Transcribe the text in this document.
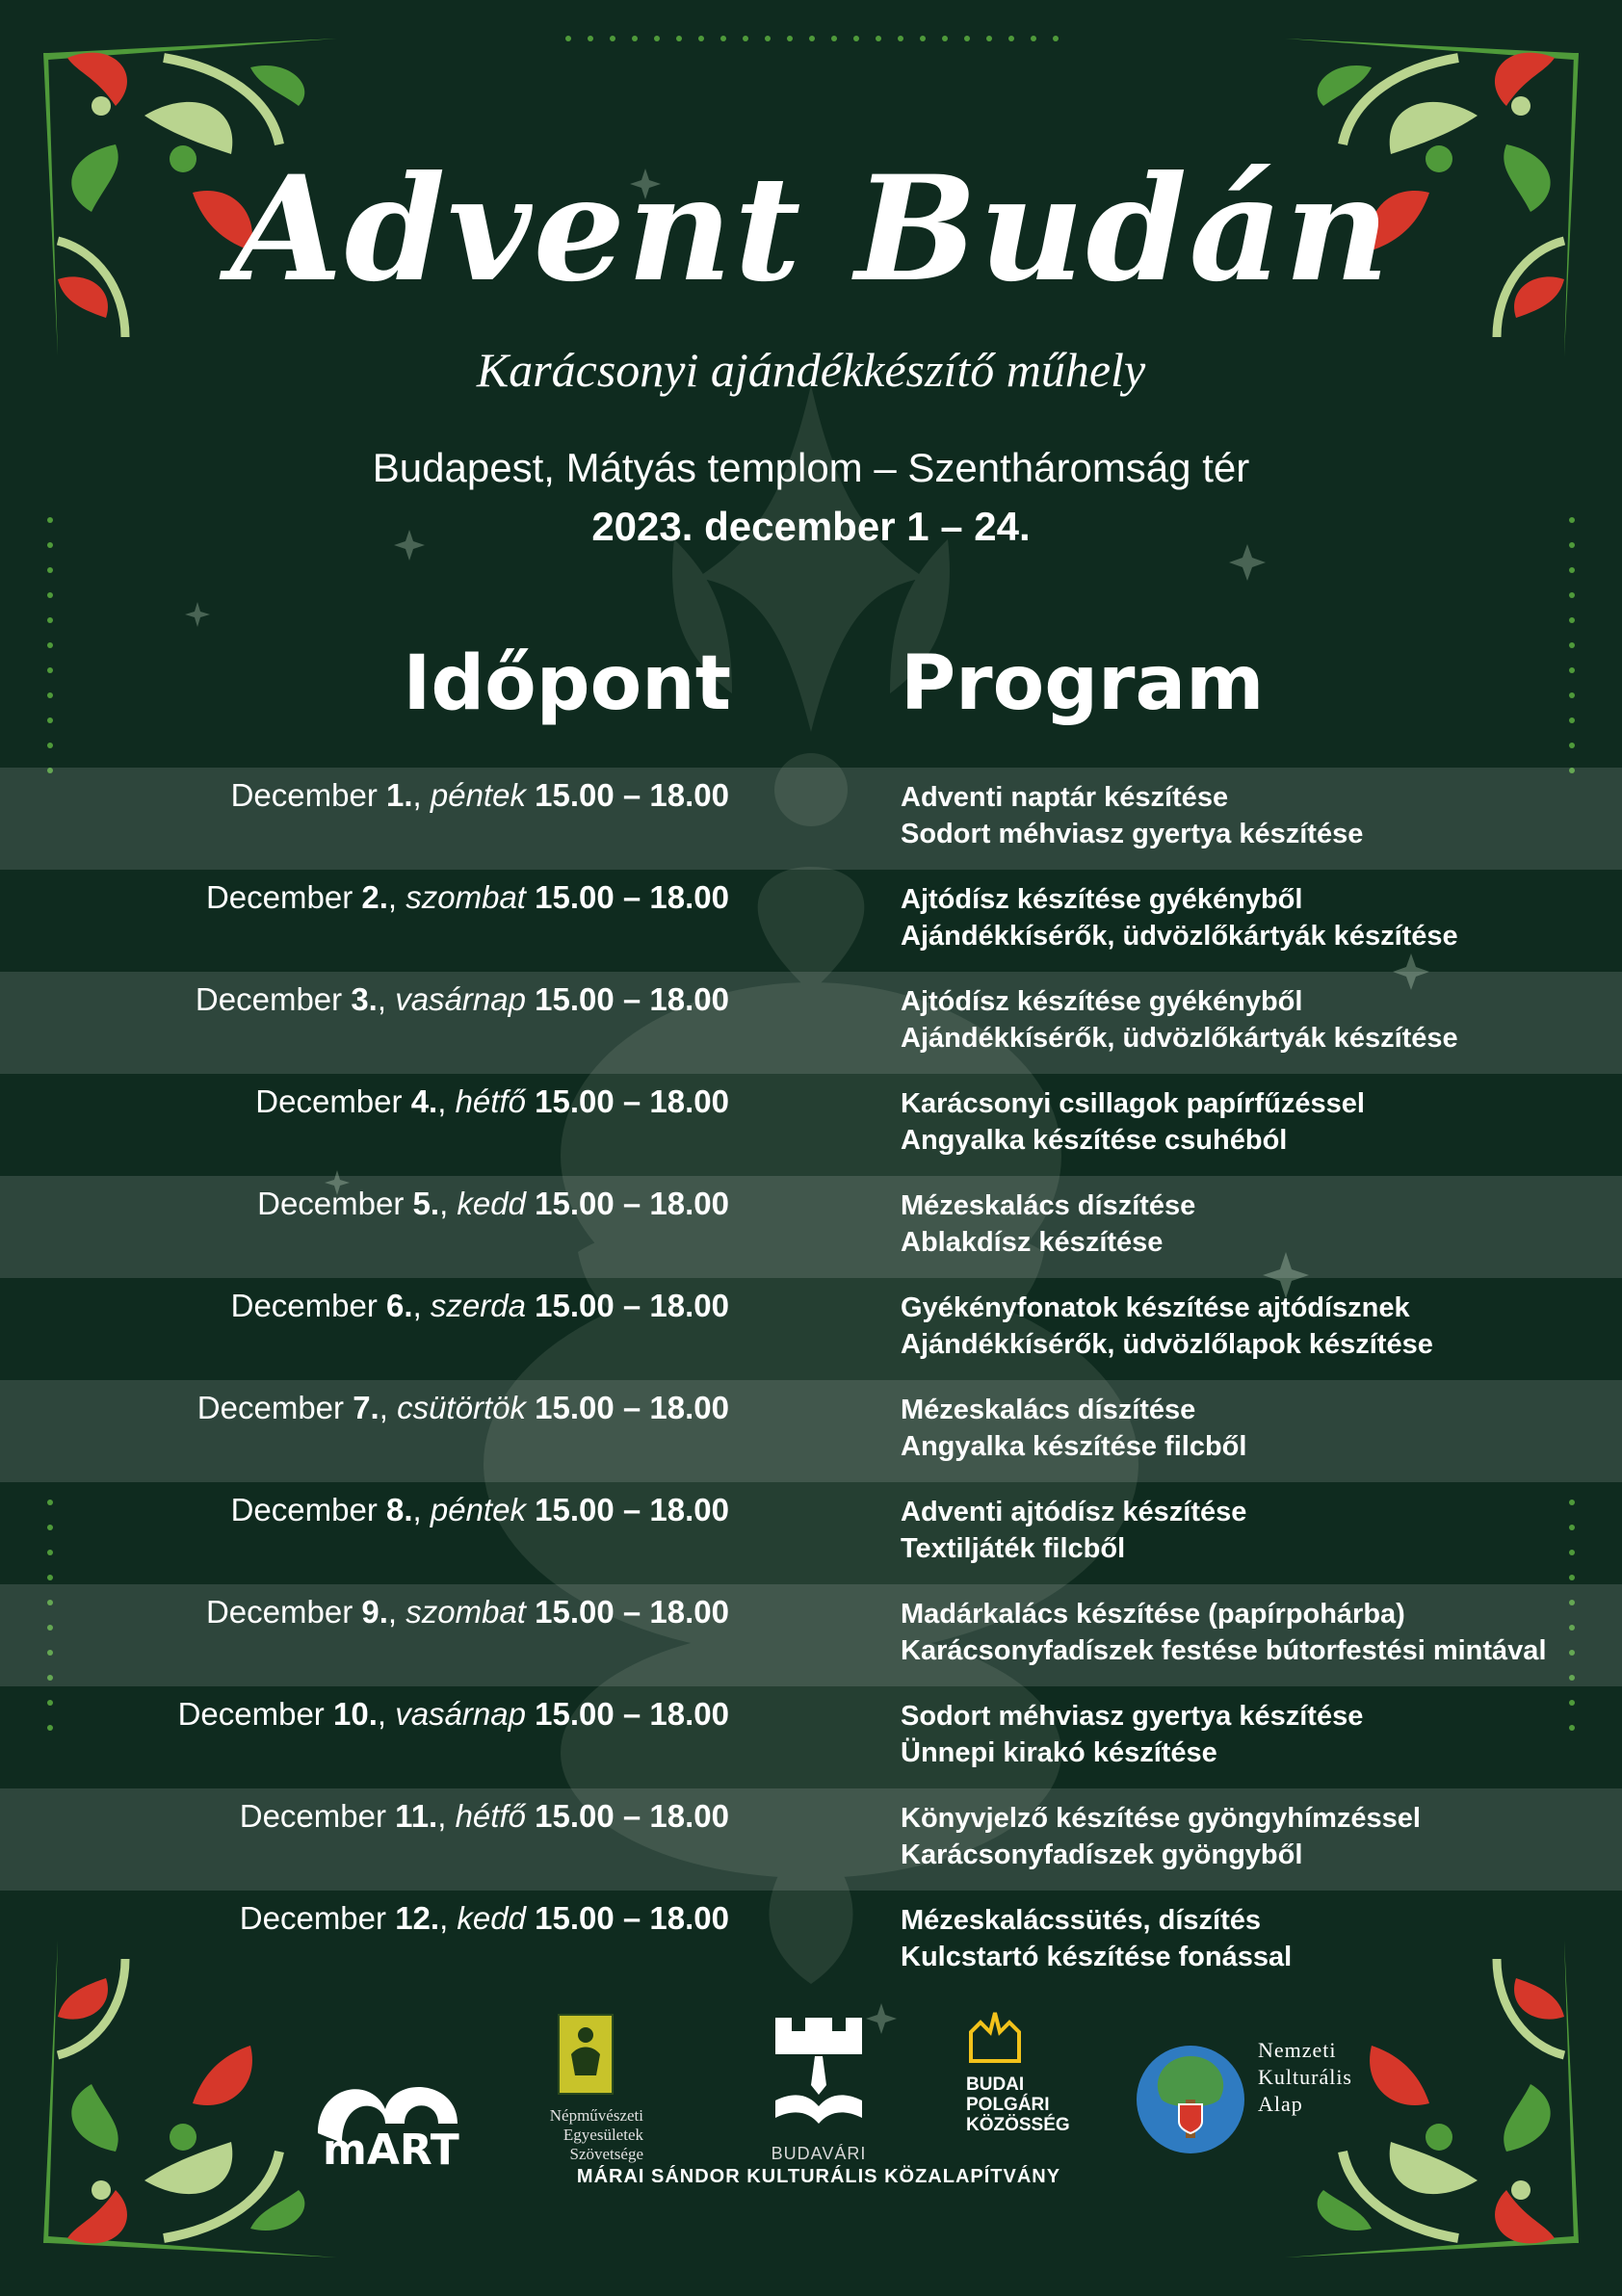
Advent Budán
Karácsonyi ajándékkészítő műhely
Budapest, Mátyás templom – Szentháromság tér
2023. december 1 – 24.
Időpont Program
December 1., péntek 15.00 – 18.00	Adventi naptár készítése
Sodort méhviasz gyertya készítése
December 2., szombat 15.00 – 18.00	Ajtódísz készítése gyékényből
Ajándékkísérők, üdvözlőkártyák készítése
December 3., vasárnap 15.00 – 18.00	Ajtódísz készítése gyékényből
Ajándékkísérők, üdvözlőkártyák készítése
December 4., hétfő 15.00 – 18.00	Karácsonyi csillagok papírfűzéssel
Angyalka készítése csuhéból
December 5., kedd 15.00 – 18.00	Mézeskalács díszítése
Ablakdísz készítése
December 6., szerda 15.00 – 18.00	Gyékényfonatok készítése ajtódísznek
Ajándékkísérők, üdvözlőlapok készítése
December 7., csütörtök 15.00 – 18.00	Mézeskalács díszítése
Angyalka készítése filcből
December 8., péntek 15.00 – 18.00	Adventi ajtódísz készítése
Textiljáték filcből
December 9., szombat 15.00 – 18.00	Madárkalács készítése (papírpohárba)
Karácsonyfadíszek festése bútorfestési mintával
December 10., vasárnap 15.00 – 18.00	Sodort méhviasz gyertya készítése
Ünnepi kirakó készítése
December 11., hétfő 15.00 – 18.00	Könyvjelző készítése gyöngyhímzéssel
Karácsonyfadíszek gyöngyből
December 12., kedd 15.00 – 18.00	Mézeskalácssütés, díszítés
Kulcstartó készítése fonással
mART
Népművészeti
Egyesületek
Szövetsége	BUDAVÁRI
MÁRAI SÁNDOR KULTURÁLIS KÖZALAPÍTVÁNY
BUDAI
POLGÁRI
KÖZÖSSÉG
Nemzeti
Kulturális
Alap
